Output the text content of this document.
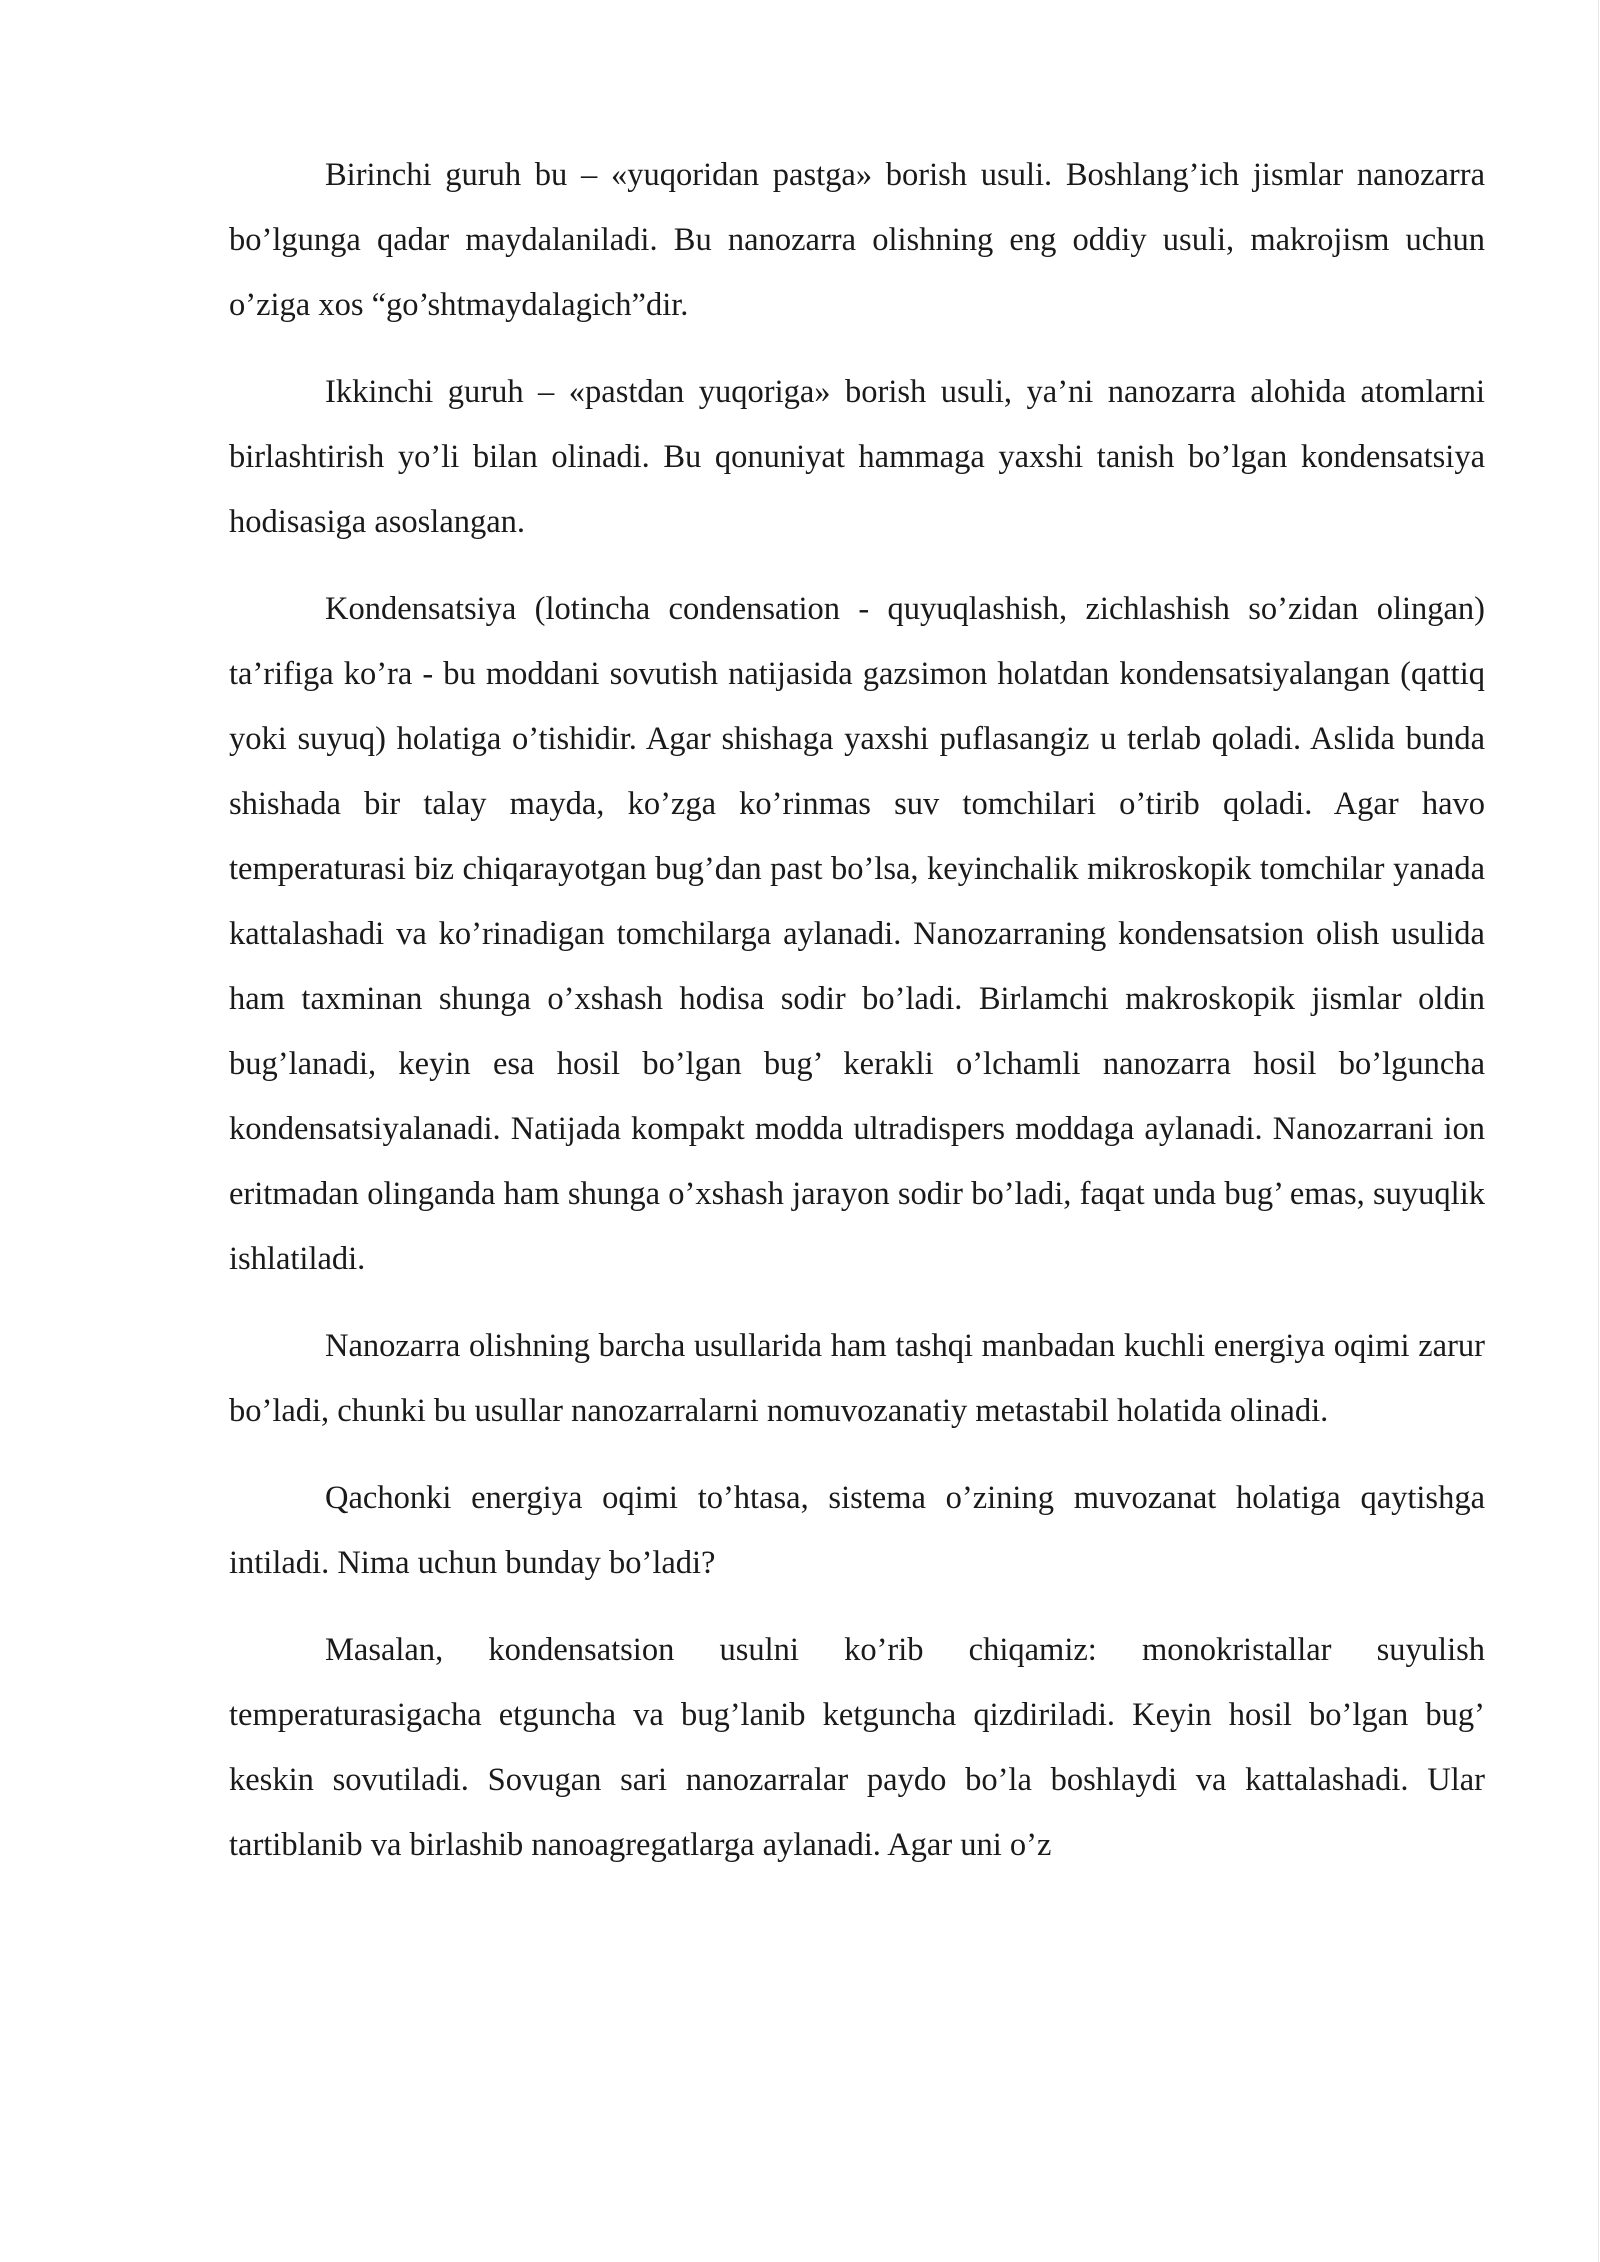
Birinchi guruh bu – «yuqoridan pastga» borish usuli. Boshlang’ich jismlar nanozarra bo’lgunga qadar maydalaniladi. Bu nanozarra olishning eng oddiy usuli, makrojism uchun o’ziga xos “go’shtmaydalagich”dir.

Ikkinchi guruh – «pastdan yuqoriga» borish usuli, ya’ni nanozarra alohida atomlarni birlashtirish yo’li bilan olinadi. Bu qonuniyat hammaga yaxshi tanish bo’lgan kondensatsiya hodisasiga asoslangan.

Kondensatsiya (lotincha condensation - quyuqlashish, zichlashish so’zidan olingan) ta’rifiga ko’ra - bu moddani sovutish natijasida gazsimon holatdan kondensatsiyalangan (qattiq yoki suyuq) holatiga o’tishidir. Agar shishaga yaxshi puflasangiz u terlab qoladi. Aslida bunda shishada bir talay mayda, ko’zga ko’rinmas suv tomchilari o’tirib qoladi. Agar havo temperaturasi biz chiqarayotgan bug’dan past bo’lsa, keyinchalik mikroskopik tomchilar yanada kattalashadi va ko’rinadigan tomchilarga aylanadi. Nanozarraning kondensatsion olish usulida ham taxminan shunga o’xshash hodisa sodir bo’ladi. Birlamchi makroskopik jismlar oldin bug’lanadi, keyin esa hosil bo’lgan bug’ kerakli o’lchamli nanozarra hosil bo’lguncha kondensatsiyalanadi. Natijada kompakt modda ultradispers moddaga aylanadi. Nanozarrani ion eritmadan olinganda ham shunga o’xshash jarayon sodir bo’ladi, faqat unda bug’ emas, suyuqlik ishlatiladi.

Nanozarra olishning barcha usullarida ham tashqi manbadan kuchli energiya oqimi zarur bo’ladi, chunki bu usullar nanozarralarni nomuvozanatiy metastabil holatida olinadi.

Qachonki energiya oqimi to’htasa, sistema o’zining muvozanat holatiga qaytishga intiladi. Nima uchun bunday bo’ladi?

Masalan, kondensatsion usulni ko’rib chiqamiz: monokristallar suyulish temperaturasigacha etguncha va bug’lanib ketguncha qizdiriladi. Keyin hosil bo’lgan bug’ keskin sovutiladi. Sovugan sari nanozarralar paydo bo’la boshlaydi va kattalashadi. Ular tartiblanib va birlashib nanoagregatlarga aylanadi. Agar uni o’z
